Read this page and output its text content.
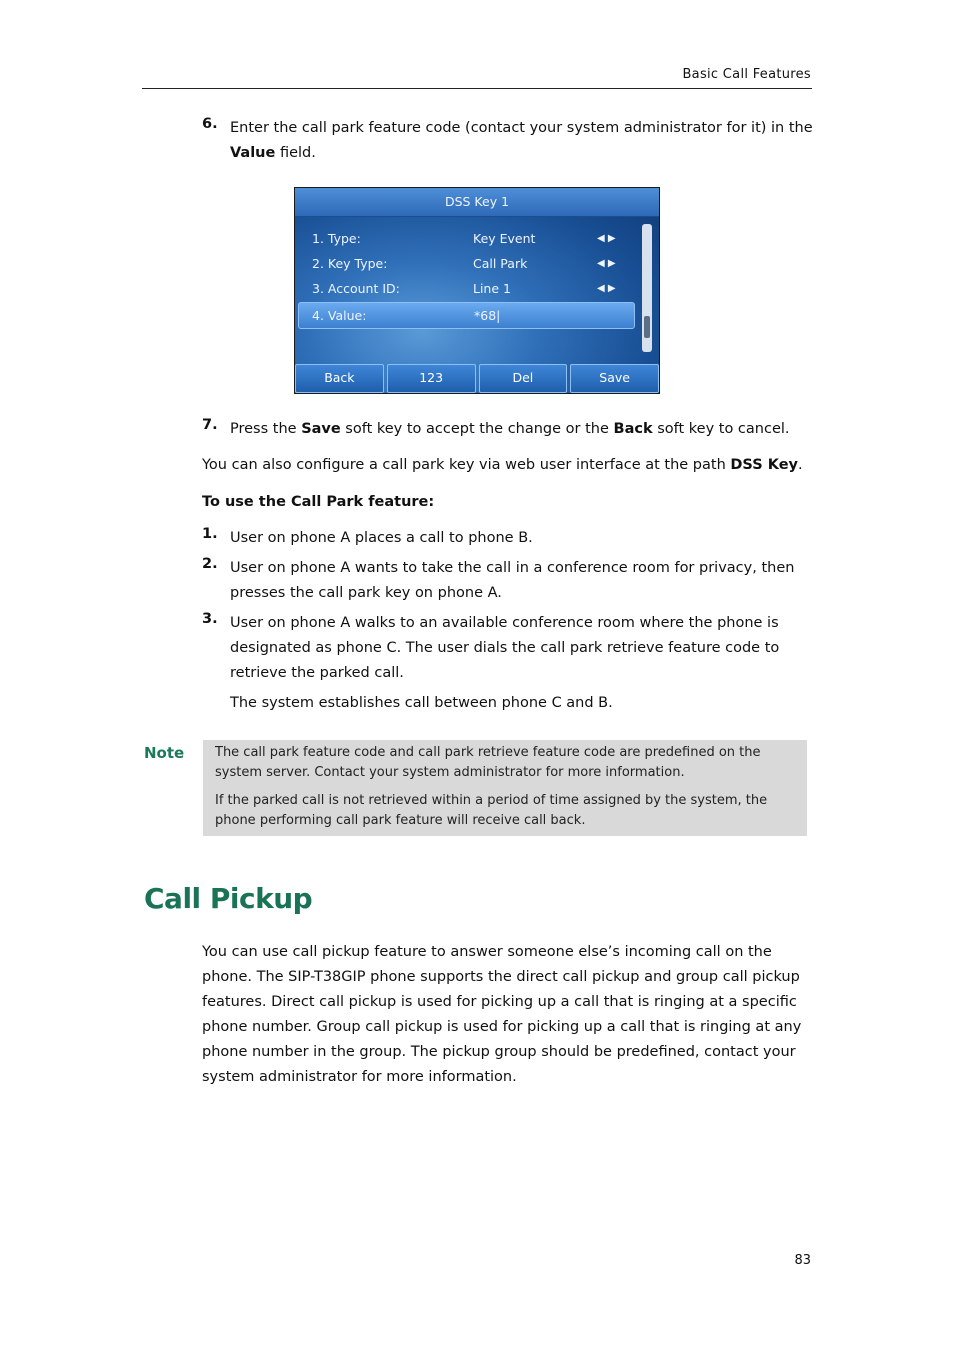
Basic Call Features
6. Enter the call park feature code (contact your system administrator for it) in the Value field.
DSS Key 1
1. Type:	Key Event	◀ ▶
2. Key Type:	Call Park	◀ ▶
3. Account ID:	Line 1	◀ ▶
4. Value:	*68|
Back	123	Del	Save
7. Press the Save soft key to accept the change or the Back soft key to cancel.
You can also configure a call park key via web user interface at the path DSS Key.
To use the Call Park feature:
1. User on phone A places a call to phone B.
2. User on phone A wants to take the call in a conference room for privacy, then presses the call park key on phone A.
3. User on phone A walks to an available conference room where the phone is designated as phone C. The user dials the call park retrieve feature code to retrieve the parked call.
The system establishes call between phone C and B.
Note The call park feature code and call park retrieve feature code are predefined on the system server. Contact your system administrator for more information.
If the parked call is not retrieved within a period of time assigned by the system, the phone performing call park feature will receive call back.
Call Pickup
You can use call pickup feature to answer someone else’s incoming call on the phone. The SIP-T38GIP phone supports the direct call pickup and group call pickup features. Direct call pickup is used for picking up a call that is ringing at a specific phone number. Group call pickup is used for picking up a call that is ringing at any phone number in the group. The pickup group should be predefined, contact your system administrator for more information.
83
